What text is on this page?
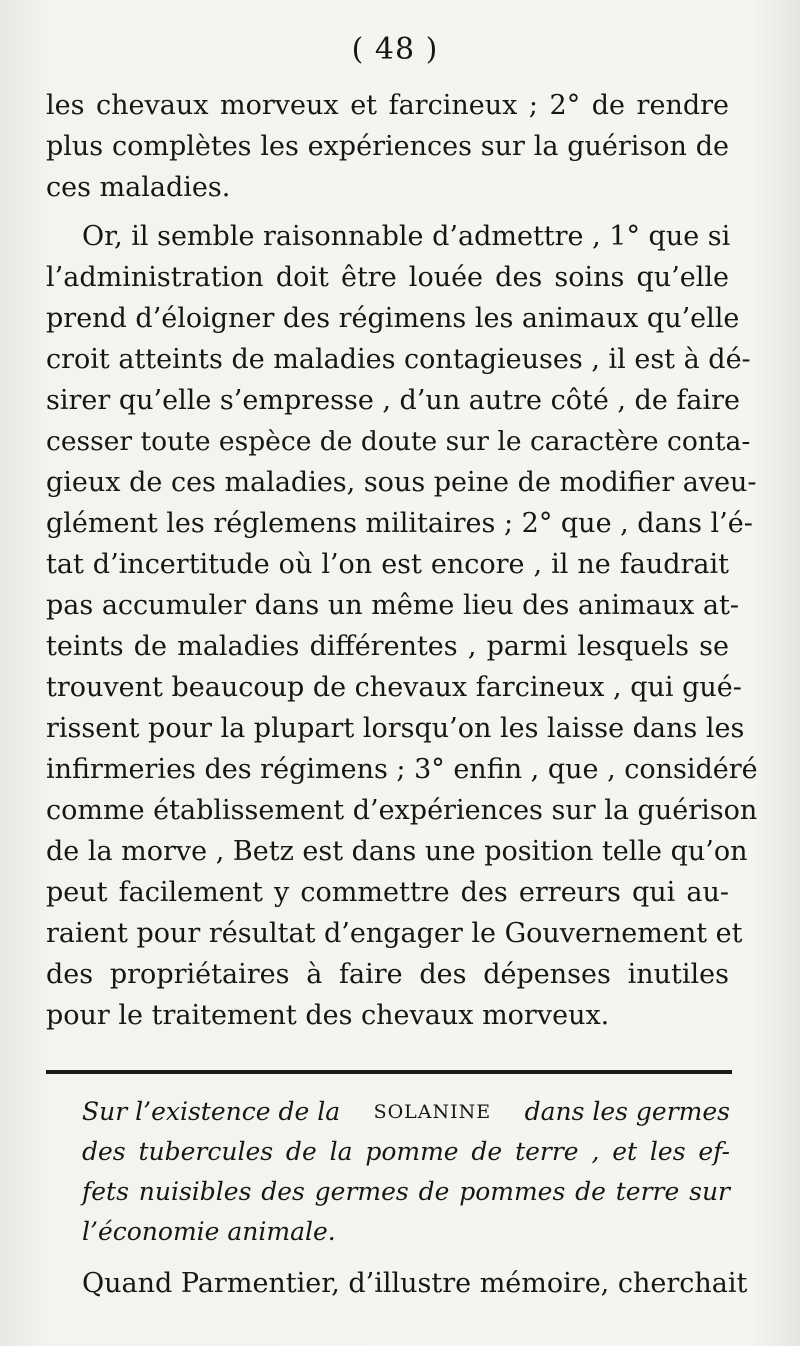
( 48 )
les chevaux morveux et farcineux ; 2° de rendre
plus complètes les expériences sur la guérison de
ces maladies.
Or, il semble raisonnable d’admettre , 1° que si
l’administration doit être louée des soins qu’elle
prend d’éloigner des régimens les animaux qu’elle
croit atteints de maladies contagieuses , il est à dé-
sirer qu’elle s’empresse , d’un autre côté , de faire
cesser toute espèce de doute sur le caractère conta-
gieux de ces maladies, sous peine de modifier aveu-
glément les réglemens militaires ; 2° que , dans l’é-
tat d’incertitude où l’on est encore , il ne faudrait
pas accumuler dans un même lieu des animaux at-
teints de maladies différentes , parmi lesquels se
trouvent beaucoup de chevaux farcineux , qui gué-
rissent pour la plupart lorsqu’on les laisse dans les
infirmeries des régimens ; 3° enfin , que , considéré
comme établissement d’expériences sur la guérison
de la morve , Betz est dans une position telle qu’on
peut facilement y commettre des erreurs qui au-
raient pour résultat d’engager le Gouvernement et
des propriétaires à faire des dépenses inutiles
pour le traitement des chevaux morveux.
Sur l’existence de la SOLANINE dans les germes
des tubercules de la pomme de terre , et les ef-
fets nuisibles des germes de pommes de terre sur
l’économie animale.
Quand Parmentier, d’illustre mémoire, cherchait
